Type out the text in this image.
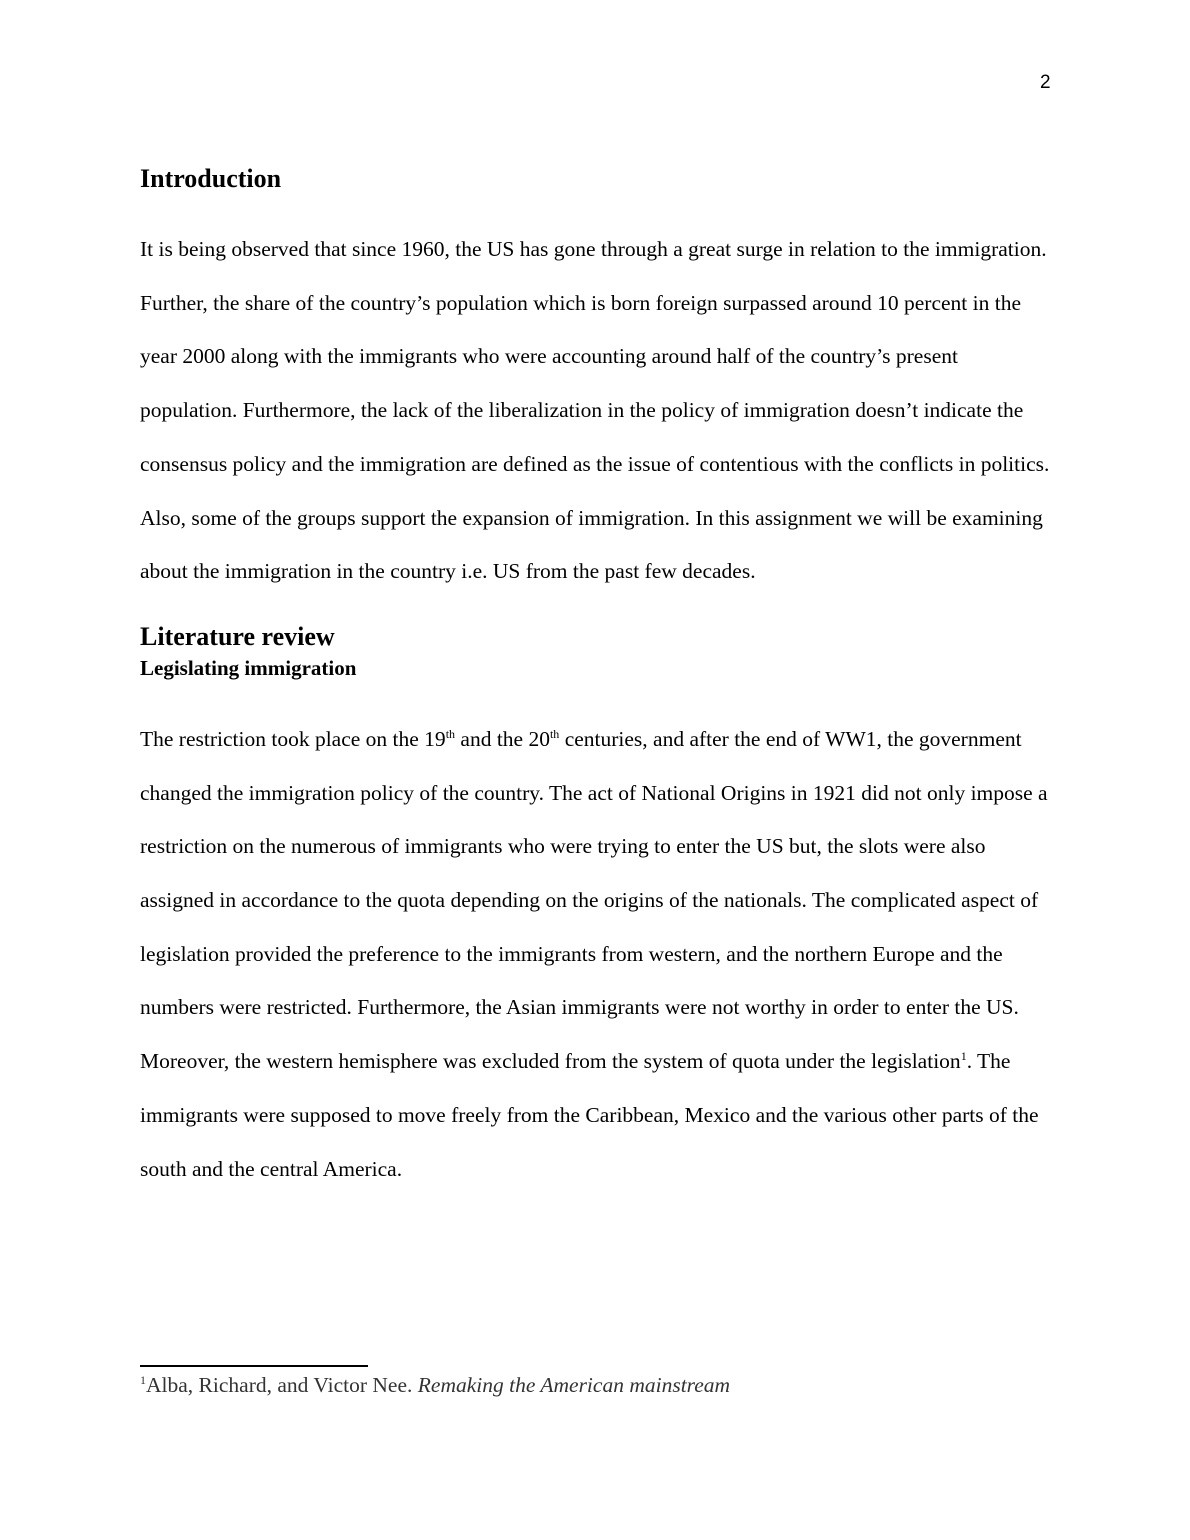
2
Introduction

It is being observed that since 1960, the US has gone through a great surge in relation to the immigration. Further, the share of the country’s population which is born foreign surpassed around 10 percent in the year 2000 along with the immigrants who were accounting around half of the country’s present population. Furthermore, the lack of the liberalization in the policy of immigration doesn’t indicate the consensus policy and the immigration are defined as the issue of contentious with the conflicts in politics. Also, some of the groups support the expansion of immigration. In this assignment we will be examining about the immigration in the country i.e. US from the past few decades.

Literature review
Legislating immigration

The restriction took place on the 19th and the 20th centuries, and after the end of WW1, the government changed the immigration policy of the country. The act of National Origins in 1921 did not only impose a restriction on the numerous of immigrants who were trying to enter the US but, the slots were also assigned in accordance to the quota depending on the origins of the nationals. The complicated aspect of legislation provided the preference to the immigrants from western, and the northern Europe and the numbers were restricted. Furthermore, the Asian immigrants were not worthy in order to enter the US. Moreover, the western hemisphere was excluded from the system of quota under the legislation$^1$. The immigrants were supposed to move freely from the Caribbean, Mexico and the various other parts of the south and the central America.

$^1$Alba, Richard, and Victor Nee. Remaking the American mainstream
